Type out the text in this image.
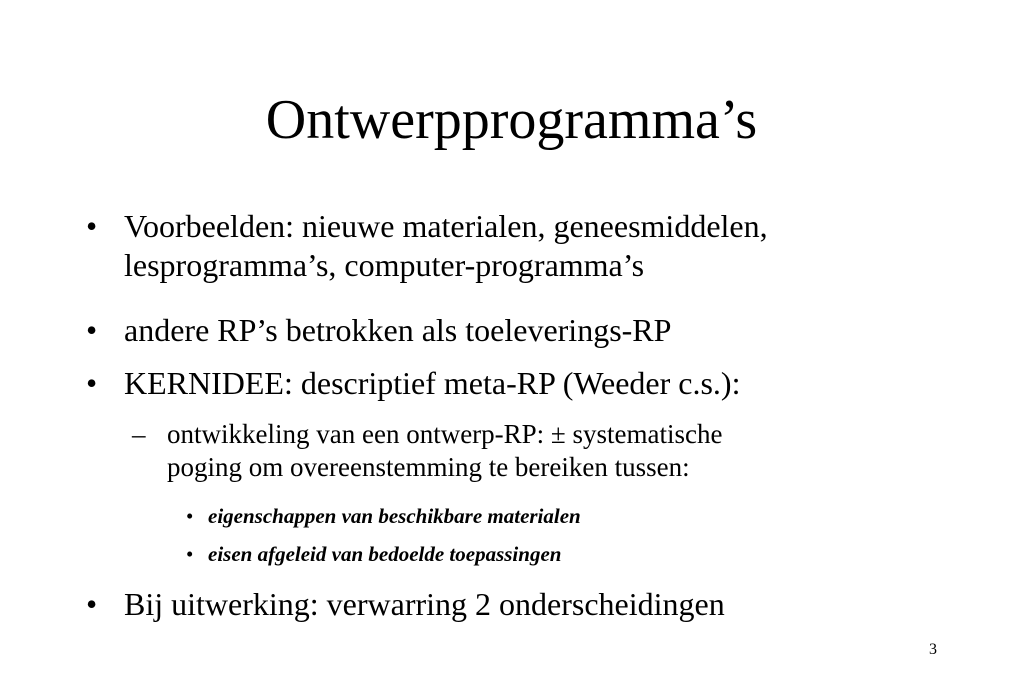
Ontwerpprogramma’s
• Voorbeelden: nieuwe materialen, geneesmiddelen,
lesprogramma’s, computer-programma’s
• andere RP’s betrokken als toeleverings-RP
• KERNIDEE: descriptief meta-RP (Weeder c.s.):
– ontwikkeling van een ontwerp-RP: ± systematische
poging om overeenstemming te bereiken tussen:
• eigenschappen van beschikbare materialen
• eisen afgeleid van bedoelde toepassingen
• Bij uitwerking: verwarring 2 onderscheidingen
3
